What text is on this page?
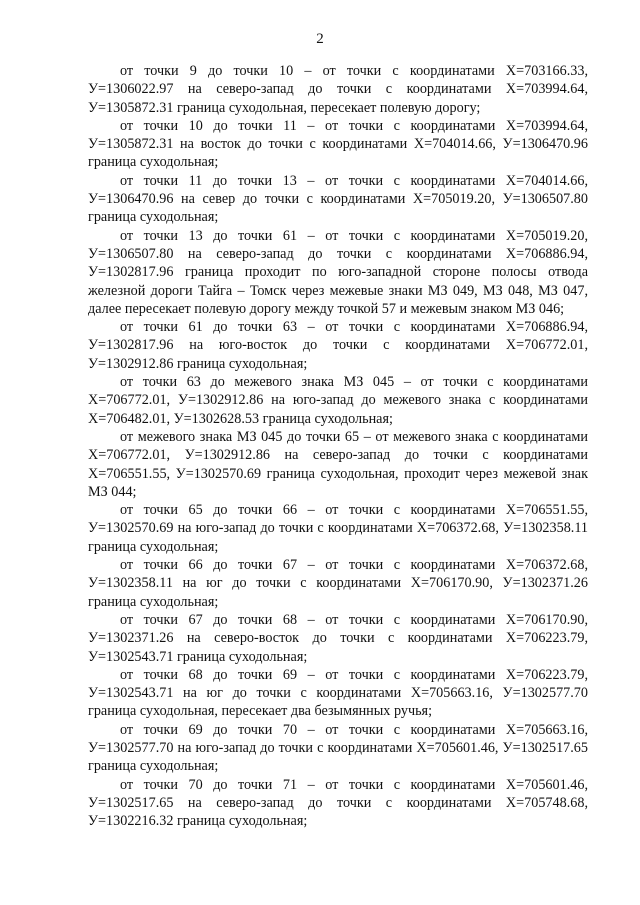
2

от точки 9 до точки 10 – от точки с координатами Х=703166.33, У=1306022.97 на северо-запад до точки с координатами Х=703994.64, У=1305872.31 граница суходольная, пересекает полевую дорогу;

от точки 10 до точки 11 – от точки с координатами Х=703994.64, У=1305872.31 на восток до точки с координатами Х=704014.66, У=1306470.96 граница суходольная;

от точки 11 до точки 13 – от точки с координатами Х=704014.66, У=1306470.96 на север до точки с координатами Х=705019.20, У=1306507.80 граница суходольная;

от точки 13 до точки 61 – от точки с координатами Х=705019.20, У=1306507.80 на северо-запад до точки с координатами Х=706886.94, У=1302817.96 граница проходит по юго-западной стороне полосы отвода железной дороги Тайга – Томск через межевые знаки МЗ 049, МЗ 048, МЗ 047, далее пересекает полевую дорогу между точкой 57 и межевым знаком МЗ 046;

от точки 61 до точки 63 – от точки с координатами Х=706886.94, У=1302817.96 на юго-восток до точки с координатами Х=706772.01, У=1302912.86 граница суходольная;

от точки 63 до межевого знака МЗ 045 – от точки с координатами Х=706772.01, У=1302912.86 на юго-запад до межевого знака с координатами Х=706482.01, У=1302628.53 граница суходольная;

от межевого знака МЗ 045 до точки 65 – от межевого знака с координатами Х=706772.01, У=1302912.86 на северо-запад до точки с координатами Х=706551.55, У=1302570.69 граница суходольная, проходит через межевой знак МЗ 044;

от точки 65 до точки 66 – от точки с координатами Х=706551.55, У=1302570.69 на юго-запад до точки с координатами Х=706372.68, У=1302358.11 граница суходольная;

от точки 66 до точки 67 – от точки с координатами Х=706372.68, У=1302358.11 на юг до точки с координатами Х=706170.90, У=1302371.26 граница суходольная;

от точки 67 до точки 68 – от точки с координатами Х=706170.90, У=1302371.26 на северо-восток до точки с координатами Х=706223.79, У=1302543.71 граница суходольная;

от точки 68 до точки 69 – от точки с координатами Х=706223.79, У=1302543.71 на юг до точки с координатами Х=705663.16, У=1302577.70 граница суходольная, пересекает два безымянных ручья;

от точки 69 до точки 70 – от точки с координатами Х=705663.16, У=1302577.70 на юго-запад до точки с координатами Х=705601.46, У=1302517.65 граница суходольная;

от точки 70 до точки 71 – от точки с координатами Х=705601.46, У=1302517.65 на северо-запад до точки с координатами Х=705748.68, У=1302216.32 граница суходольная;
